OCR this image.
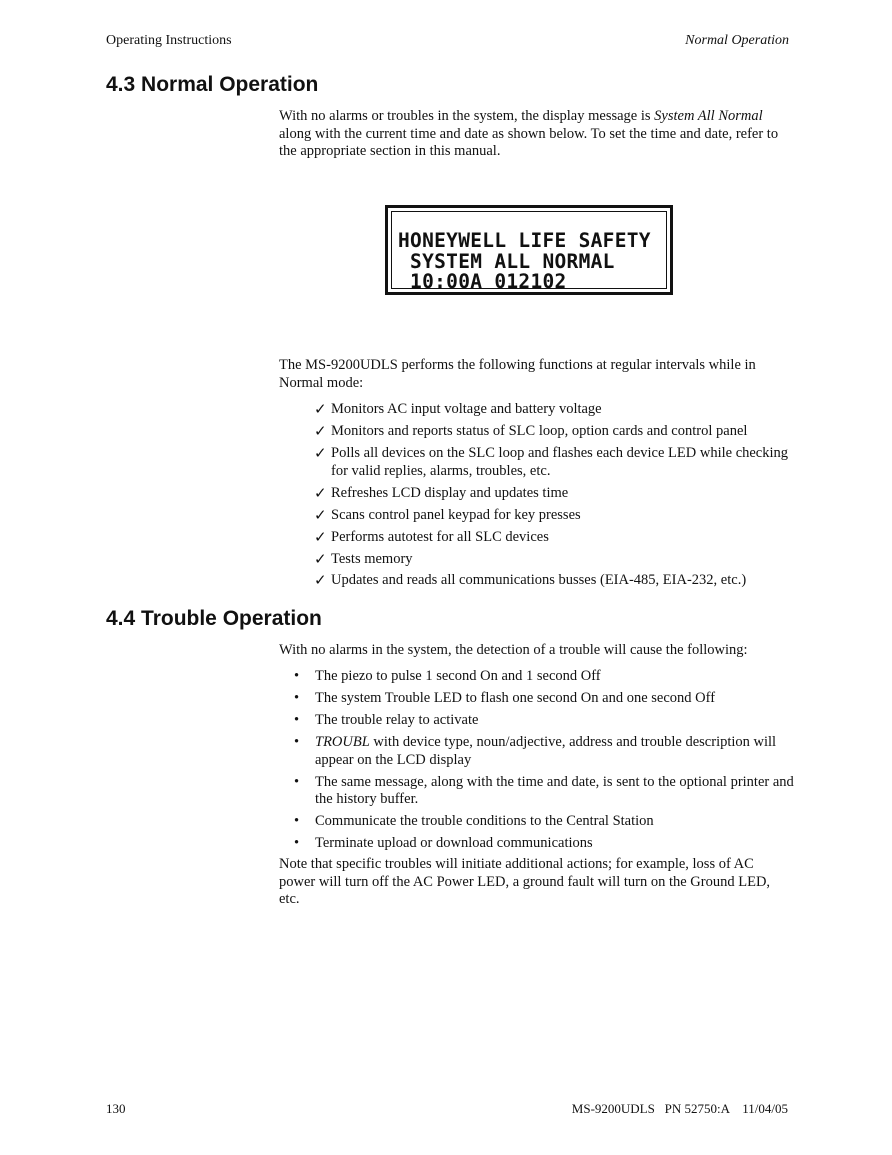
Operating Instructions	Normal Operation
4.3 Normal Operation

With no alarms or troubles in the system, the display message is System All Normal along with the current time and date as shown below. To set the time and date, refer to the appropriate section in this manual.

HONEYWELL LIFE SAFETY
SYSTEM ALL NORMAL
10:00A 012102

The MS-9200UDLS performs the following functions at regular intervals while in Normal mode:

✓ Monitors AC input voltage and battery voltage
✓ Monitors and reports status of SLC loop, option cards and control panel
✓ Polls all devices on the SLC loop and flashes each device LED while checking for valid replies, alarms, troubles, etc.
✓ Refreshes LCD display and updates time
✓ Scans control panel keypad for key presses
✓ Performs autotest for all SLC devices
✓ Tests memory
✓ Updates and reads all communications busses (EIA-485, EIA-232, etc.)
4.4 Trouble Operation

With no alarms in the system, the detection of a trouble will cause the following:

• The piezo to pulse 1 second On and 1 second Off
• The system Trouble LED to flash one second On and one second Off
• The trouble relay to activate
• TROUBL with device type, noun/adjective, address and trouble description will appear on the LCD display
• The same message, along with the time and date, is sent to the optional printer and the history buffer.
• Communicate the trouble conditions to the Central Station
• Terminate upload or download communications

Note that specific troubles will initiate additional actions; for example, loss of AC power will turn off the AC Power LED, a ground fault will turn on the Ground LED, etc.

130	MS-9200UDLS   PN 52750:A    11/04/05
